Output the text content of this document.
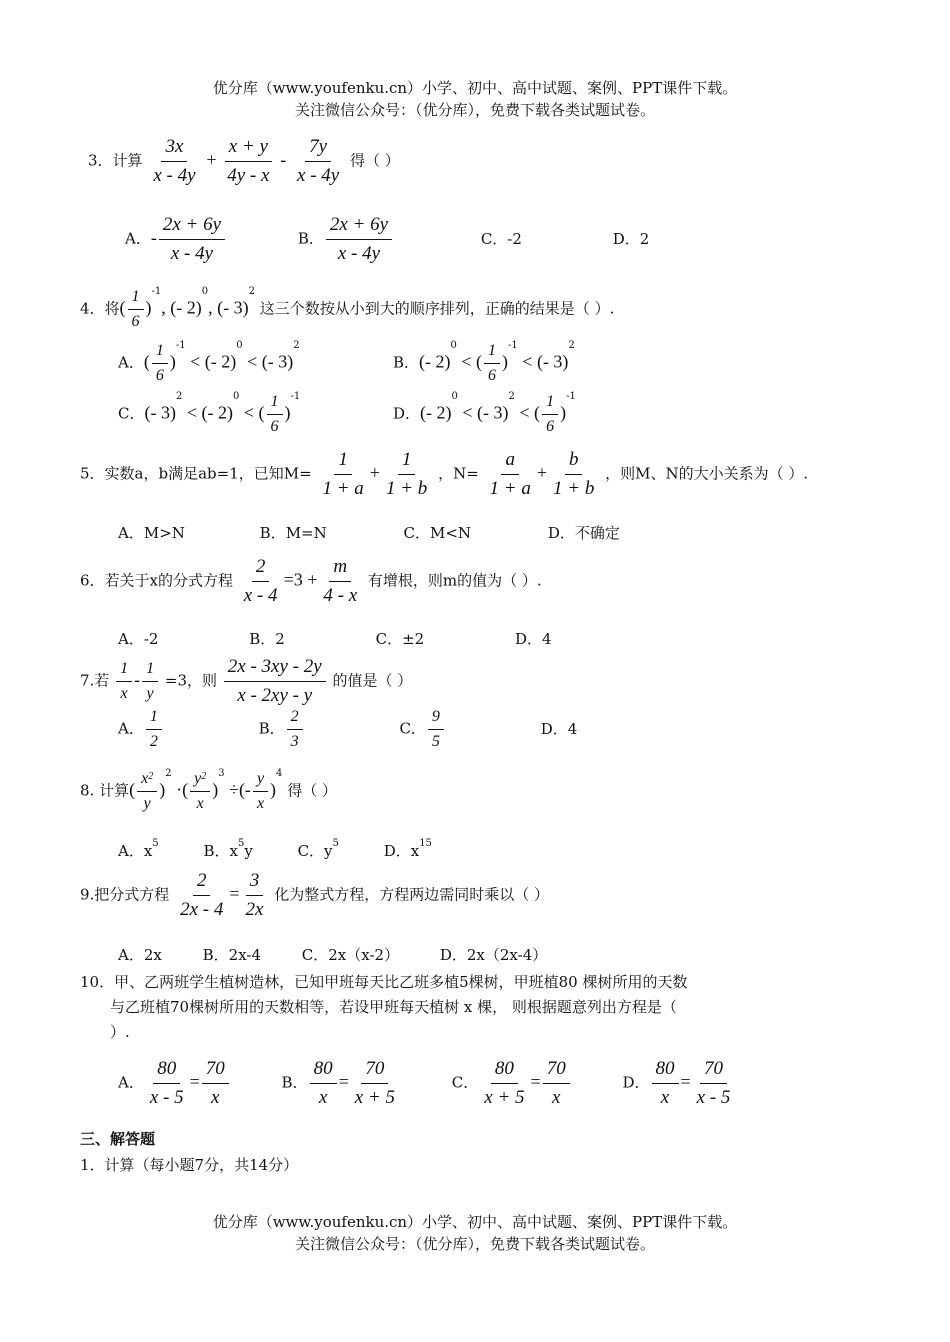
优分库（www.youfenku.cn）小学、初中、高中试题、案例、PPT课件下载。
关注微信公众号：（优分库），免费下载各类试题试卷。
3．计算 $\frac{3x}{x - 4y} + \frac{x + y}{4y - x} - \frac{7y}{x - 4y}$ 得（ ）
A．- $\frac{2x + 6y}{x - 4y}$	B． $\frac{2x + 6y}{x - 4y}$	C．-2	D．2
4．将( $\frac{1}{6} )^{-1}$, (- 2)$^0$, (- 3)$^2$ 这三个数按从小到大的顺序排列，正确的结果是（ ）.
A．( $\frac{1}{6} )^{-1}$ < (- 2)$^0$ < (- 3)$^2$
B．(- 2)$^0$ < ( $\frac{1}{6} )^{-1}$ < (- 3)$^2$
C．(- 3)$^2$ < (- 2)$^0$ < ( $\frac{1}{6} )^{-1}$
D．(- 2)$^0$ < (- 3)$^2$ < ( $\frac{1}{6} )^{-1}$
5．实数a，b满足ab=1，已知$M= \frac{1}{1 + a} + \frac{1}{1 + b}$ ，$N= \frac{a}{1 + a} + \frac{b}{1 + b}$ ，则M、N的大小关系为（ ）.
A．M>N	B．M=N	C．M<N	D．不确定
6．若关于x的分式方程 $\frac{2}{x - 4} =3 + \frac{m}{4 - x}$ 有增根，则m的值为（ ）.
A．-2	B．2	C．±2	D．4
7.若 $\frac{1}{x} - \frac{1}{y} =3$，则 $\frac{2x - 3xy - 2y}{x - 2xy - y}$ 的值是（ ）
A． $\frac{1}{2}$	B． $\frac{2}{3}$	C． $\frac{9}{5}$	D．4
8. 计算( $\frac{x^2}{y} )^2$ ·( $\frac{y^2}{x} )^3$ ÷(- $\frac{y}{x} )^4$ 得（ ）
A．$x^5$	B．$x^5y$	C．$y^5$	D．$x^{15}$
9.把分式方程 $\frac{2}{2x - 4} = \frac{3}{2x}$ 化为整式方程，方程两边需同时乘以（ ）
A．2x	B．2x-4	C．2x（x-2）	D．2x（2x-4）
10．甲、乙两班学生植树造林，已知甲班每天比乙班多植5棵树，甲班植80 棵树所用的天数
与乙班植70棵树所用的天数相等，若设甲班每天植树 x 棵， 则根据题意列出方程是（
）.
A． $\frac{80}{x - 5} = \frac{70}{x}$	B． $\frac{80}{x} = \frac{70}{x + 5}$	C． $\frac{80}{x + 5} = \frac{70}{x}$	D． $\frac{80}{x} = \frac{70}{x - 5}$
三、解答题
1．计算（每小题7分，共14分）
优分库（www.youfenku.cn）小学、初中、高中试题、案例、PPT课件下载。
关注微信公众号：（优分库），免费下载各类试题试卷。
